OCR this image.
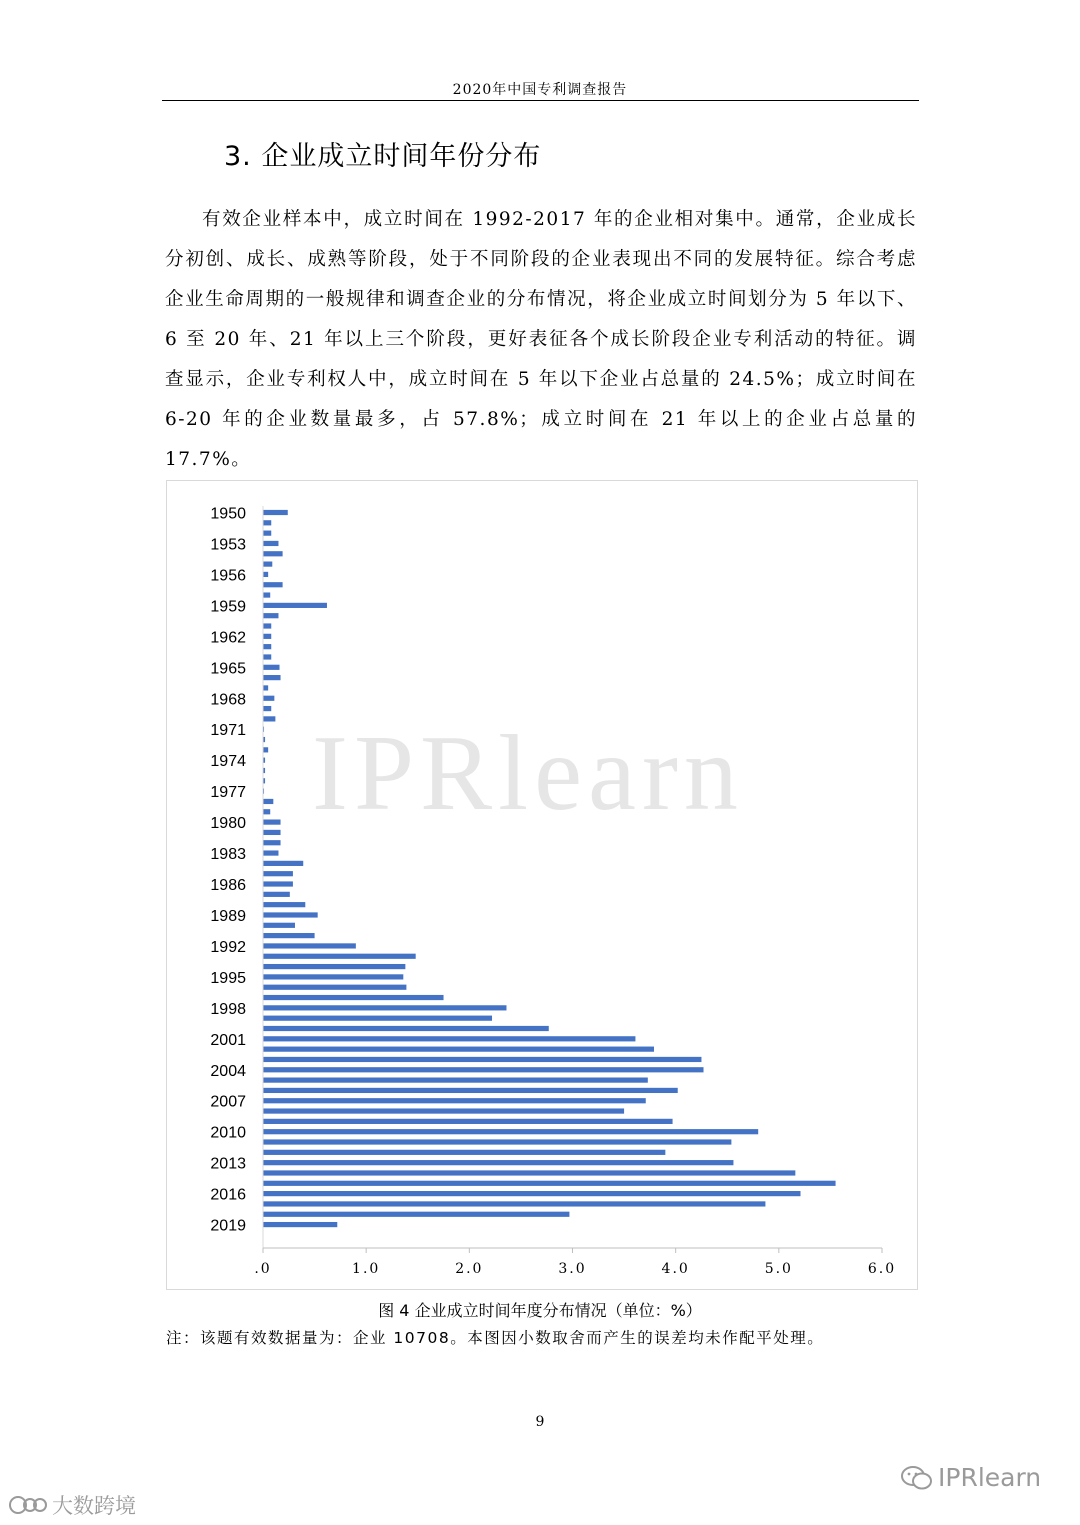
2020年中国专利调查报告
3. 企业成立时间年份分布

有效企业样本中，成立时间在 1992-2017 年的企业相对集中。通常，企业成长分初创、成长、成熟等阶段，处于不同阶段的企业表现出不同的发展特征。综合考虑企业生命周期的一般规律和调查企业的分布情况，将企业成立时间划分为 5 年以下、6 至 20 年、21 年以上三个阶段，更好表征各个成长阶段企业专利活动的特征。调查显示，企业专利权人中，成立时间在 5 年以下企业占总量的 24.5%；成立时间在 6-20 年的企业数量最多，占 57.8%；成立时间在 21 年以上的企业占总量的 17.7%。

IPRlearn
1950
1953
1956
1959
1962
1965
1968
1971
1974
1977
1980
1983
1986
1989
1992
1995
1998
2001
2004
2007
2010
2013
2016
2019
.0	1.0	2.0	3.0	4.0	5.0	6.0
图 4 企业成立时间年度分布情况（单位：%）
注：该题有效数据量为：企业 10708。本图因小数取舍而产生的误差均未作配平处理。
9
IPRlearn
大数跨境
